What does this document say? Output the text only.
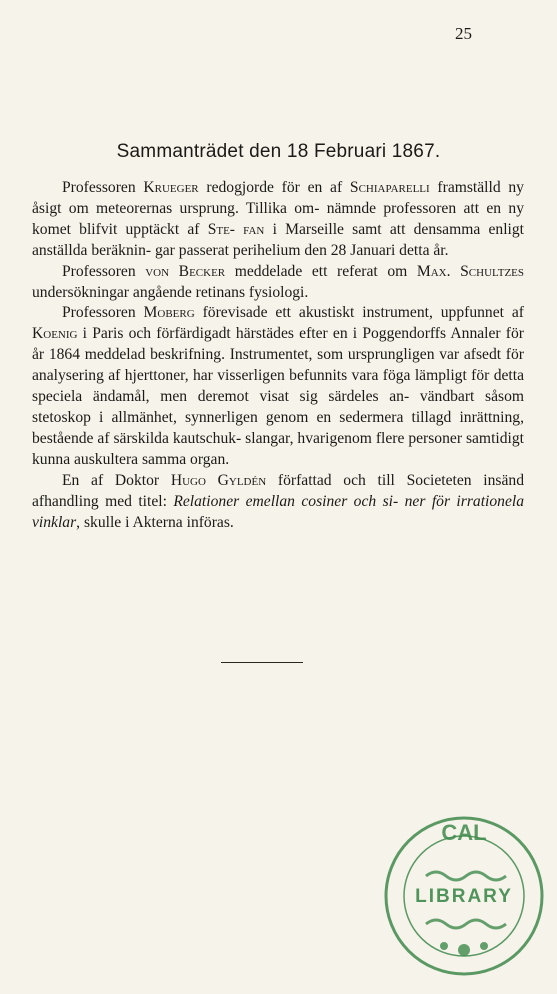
25
Sammanträdet den 18 Februari 1867.

Professoren Krueger redogjorde för en af Schiaparelli framställd ny åsigt om meteorernas ursprung. Tillika om- nämnde professoren att en ny komet blifvit upptäckt af Ste- fan i Marseille samt att densamma enligt anställda beräknin- gar passerat perihelium den 28 Januari detta år.

Professoren von Becker meddelade ett referat om Max. Schultzes undersökningar angående retinans fysiologi.

Professoren Moberg förevisade ett akustiskt instrument, uppfunnet af Koenig i Paris och förfärdigadt härstädes efter en i Poggendorffs Annaler för år 1864 meddelad beskrifning. Instrumentet, som ursprungligen var afsedt för analysering af hjerttoner, har visserligen befunnits vara föga lämpligt för detta speciela ändamål, men deremot visat sig särdeles an- vändbart såsom stetoskop i allmänhet, synnerligen genom en sedermera tillagd inrättning, bestående af särskilda kautschuk- slangar, hvarigenom flere personer samtidigt kunna auskultera samma organ.

En af Doktor Hugo Gyldén författad och till Societeten insänd afhandling med titel: Relationer emellan cosiner och si- ner för irrationela vinklar, skulle i Akterna införas.

CAL
LIBRARY
